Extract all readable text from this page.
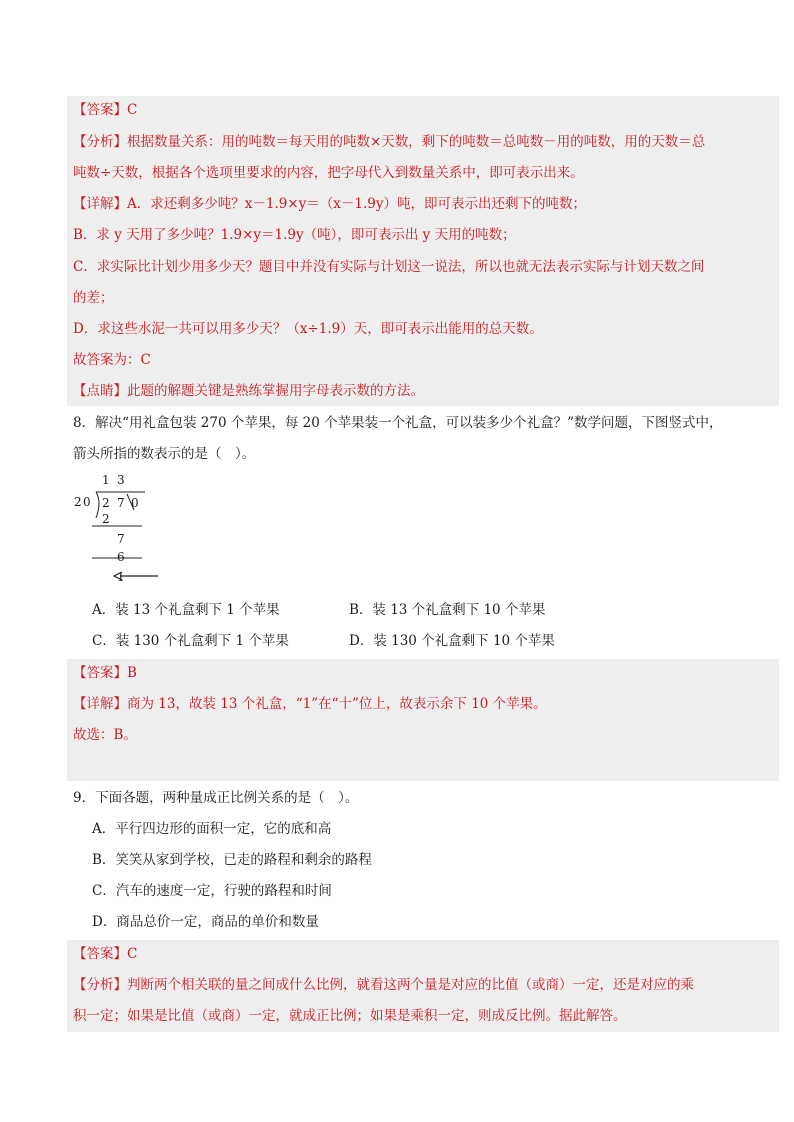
【答案】C
【分析】根据数量关系：用的吨数＝每天用的吨数×天数，剩下的吨数＝总吨数－用的吨数，用的天数＝总
吨数÷天数，根据各个选项里要求的内容，把字母代入到数量关系中，即可表示出来。
【详解】A．求还剩多少吨？x－1.9×y＝（x－1.9y）吨，即可表示出还剩下的吨数；
B．求 y 天用了多少吨？1.9×y＝1.9y（吨），即可表示出 y 天用的吨数；
C．求实际比计划少用多少天？题目中并没有实际与计划这一说法，所以也就无法表示实际与计划天数之间
的差；
D．求这些水泥一共可以用多少天？（x÷1.9）天，即可表示出能用的总天数。
故答案为：C
【点睛】此题的解题关键是熟练掌握用字母表示数的方法。
8．解决“用礼盒包装 270 个苹果，每 20 个苹果装一个礼盒，可以装多少个礼盒？”数学问题，下图竖式中，
箭头所指的数表示的是（　）。
1 3
2 0 2 7 0
2
7
6
1
A．装 13 个礼盒剩下 1 个苹果	B．装 13 个礼盒剩下 10 个苹果
C．装 130 个礼盒剩下 1 个苹果	D．装 130 个礼盒剩下 10 个苹果
【答案】B
【详解】商为 13，故装 13 个礼盒，“1”在“十”位上，故表示余下 10 个苹果。
故选：B。
9．下面各题，两种量成正比例关系的是（　）。
A．平行四边形的面积一定，它的底和高
B．笑笑从家到学校，已走的路程和剩余的路程
C．汽车的速度一定，行驶的路程和时间
D．商品总价一定，商品的单价和数量
【答案】C
【分析】判断两个相关联的量之间成什么比例，就看这两个量是对应的比值（或商）一定，还是对应的乘
积一定；如果是比值（或商）一定，就成正比例；如果是乘积一定，则成反比例。据此解答。
